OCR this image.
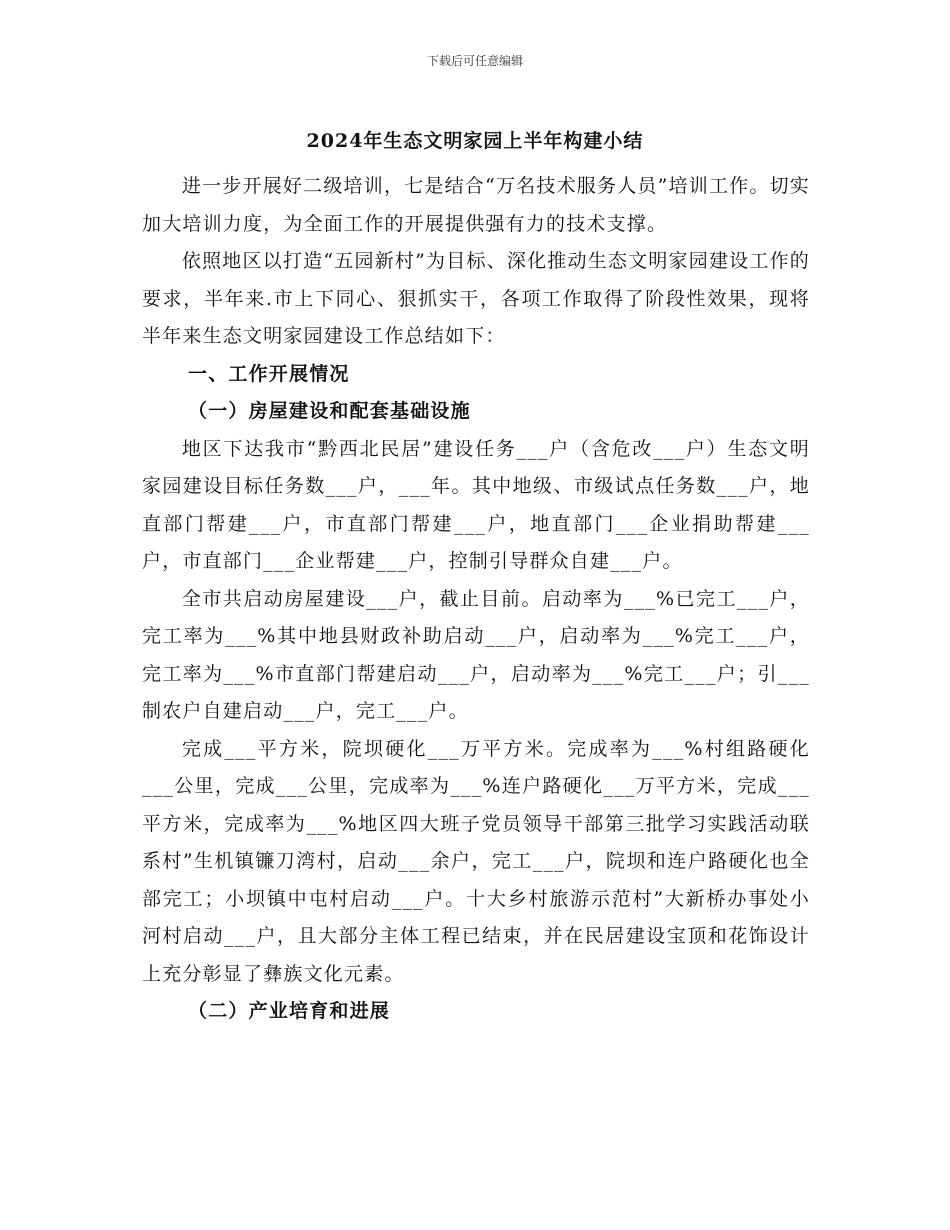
下载后可任意编辑
2024年生态文明家园上半年构建小结

进一步开展好二级培训，七是结合“万名技术服务人员”培训工作。切实加大培训力度，为全面工作的开展提供强有力的技术支撑。

依照地区以打造“五园新村”为目标、深化推动生态文明家园建设工作的要求，半年来.市上下同心、狠抓实干，各项工作取得了阶段性效果，现将半年来生态文明家园建设工作总结如下：

一、工作开展情况
（一）房屋建设和配套基础设施

地区下达我市“黔西北民居”建设任务___户（含危改___户）生态文明家园建设目标任务数___户，___年。其中地级、市级试点任务数___户，地直部门帮建___户，市直部门帮建___户，地直部门___企业捐助帮建___户，市直部门___企业帮建___户，控制引导群众自建___户。

全市共启动房屋建设___户，截止目前。启动率为___%已完工___户，完工率为___%其中地县财政补助启动___户，启动率为___%完工___户，完工率为___%市直部门帮建启动___户，启动率为___%完工___户；引___制农户自建启动___户，完工___户。

完成___平方米，院坝硬化___万平方米。完成率为___%村组路硬化___公里，完成___公里，完成率为___%连户路硬化___万平方米，完成___平方米，完成率为___%地区四大班子党员领导干部第三批学习实践活动联系村”生机镇镰刀湾村，启动___余户，完工___户，院坝和连户路硬化也全部完工；小坝镇中屯村启动___户。十大乡村旅游示范村”大新桥办事处小河村启动___户，且大部分主体工程已结束，并在民居建设宝顶和花饰设计上充分彰显了彝族文化元素。

（二）产业培育和进展
